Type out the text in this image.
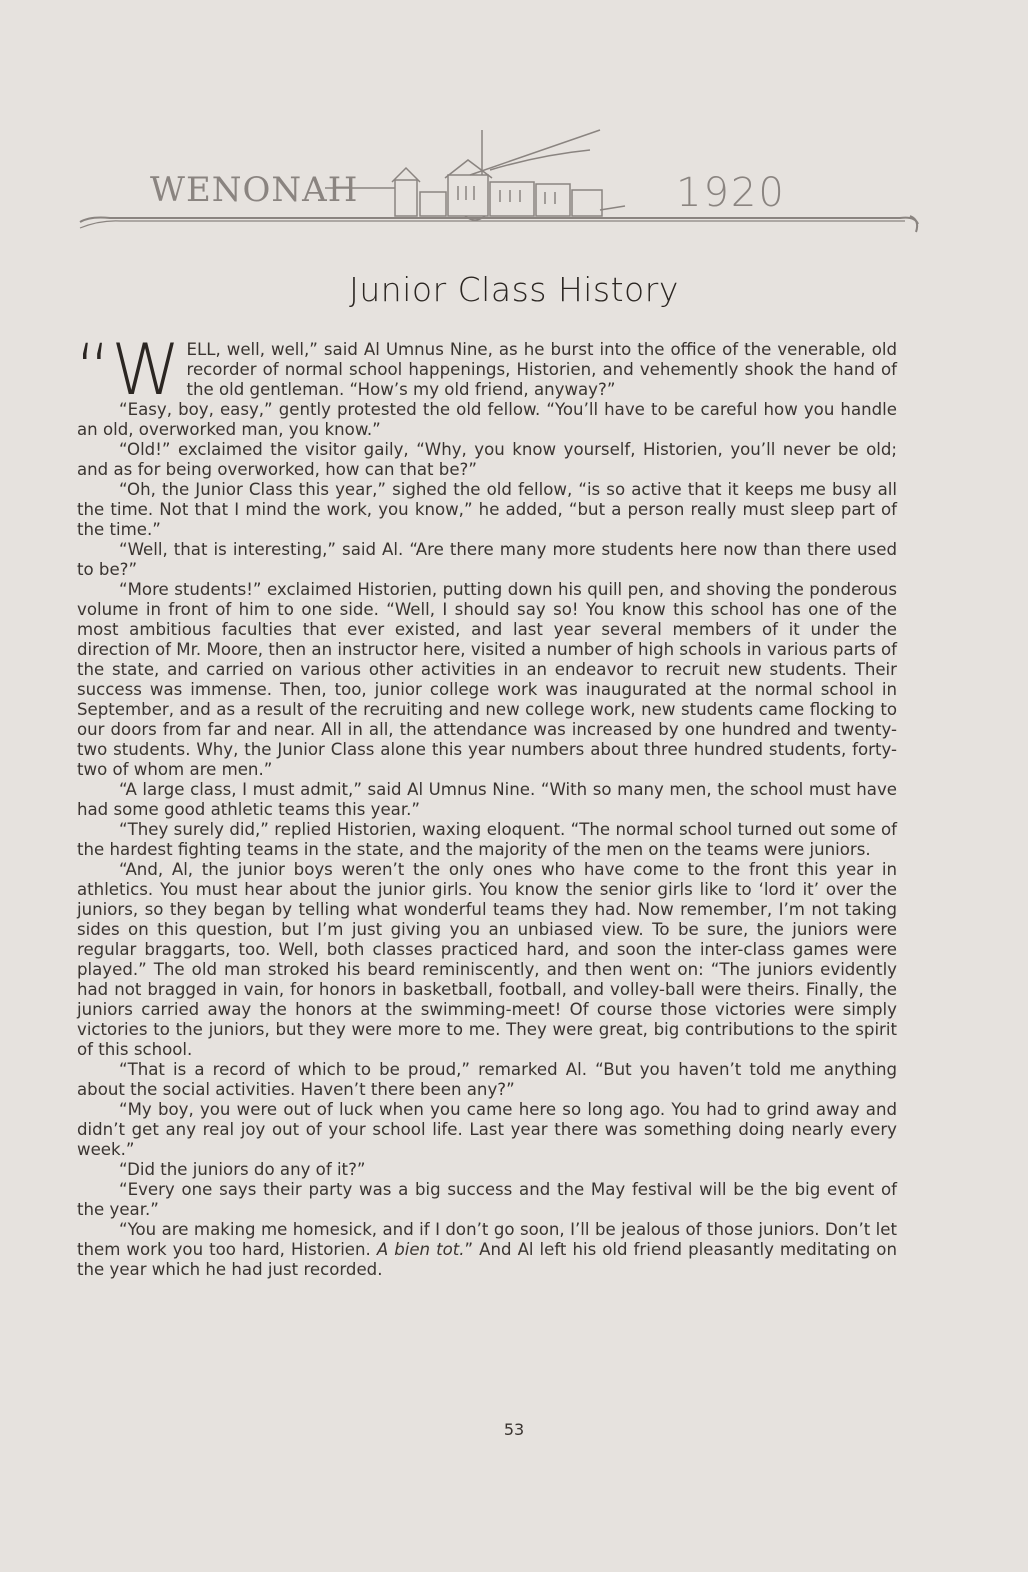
WENONAH	1920
Junior Class History

“WELL, well, well,” said Al Umnus Nine, as he burst into the office of the venerable, old recorder of normal school happenings, Historien, and vehemently shook the hand of the old gentleman. “How’s my old friend, anyway?”

“Easy, boy, easy,” gently protested the old fellow. “You’ll have to be careful how you handle an old, overworked man, you know.”

“Old!” exclaimed the visitor gaily, “Why, you know yourself, Historien, you’ll never be old; and as for being overworked, how can that be?”

“Oh, the Junior Class this year,” sighed the old fellow, “is so active that it keeps me busy all the time. Not that I mind the work, you know,” he added, “but a person really must sleep part of the time.”

“Well, that is interesting,” said Al. “Are there many more students here now than there used to be?”

“More students!” exclaimed Historien, putting down his quill pen, and shoving the ponderous volume in front of him to one side. “Well, I should say so! You know this school has one of the most ambitious faculties that ever existed, and last year several members of it under the direction of Mr. Moore, then an instructor here, visited a number of high schools in various parts of the state, and carried on various other activities in an endeavor to recruit new students. Their success was immense. Then, too, junior college work was inaugurated at the normal school in September, and as a result of the recruiting and new college work, new students came flocking to our doors from far and near. All in all, the attendance was increased by one hundred and twenty-two students. Why, the Junior Class alone this year numbers about three hundred students, forty-two of whom are men.”

“A large class, I must admit,” said Al Umnus Nine. “With so many men, the school must have had some good athletic teams this year.”

“They surely did,” replied Historien, waxing eloquent. “The normal school turned out some of the hardest fighting teams in the state, and the majority of the men on the teams were juniors.

“And, Al, the junior boys weren’t the only ones who have come to the front this year in athletics. You must hear about the junior girls. You know the senior girls like to ‘lord it’ over the juniors, so they began by telling what wonderful teams they had. Now remember, I’m not taking sides on this question, but I’m just giving you an unbiased view. To be sure, the juniors were regular braggarts, too. Well, both classes practiced hard, and soon the inter-class games were played.” The old man stroked his beard reminiscently, and then went on: “The juniors evidently had not bragged in vain, for honors in basketball, football, and volley-ball were theirs. Finally, the juniors carried away the honors at the swimming-meet! Of course those victories were simply victories to the juniors, but they were more to me. They were great, big contributions to the spirit of this school.

“That is a record of which to be proud,” remarked Al. “But you haven’t told me anything about the social activities. Haven’t there been any?”

“My boy, you were out of luck when you came here so long ago. You had to grind away and didn’t get any real joy out of your school life. Last year there was something doing nearly every week.”

“Did the juniors do any of it?”

“Every one says their party was a big success and the May festival will be the big event of the year.”

“You are making me homesick, and if I don’t go soon, I’ll be jealous of those juniors. Don’t let them work you too hard, Historien. A bien tot.” And Al left his old friend pleasantly meditating on the year which he had just recorded.

53
